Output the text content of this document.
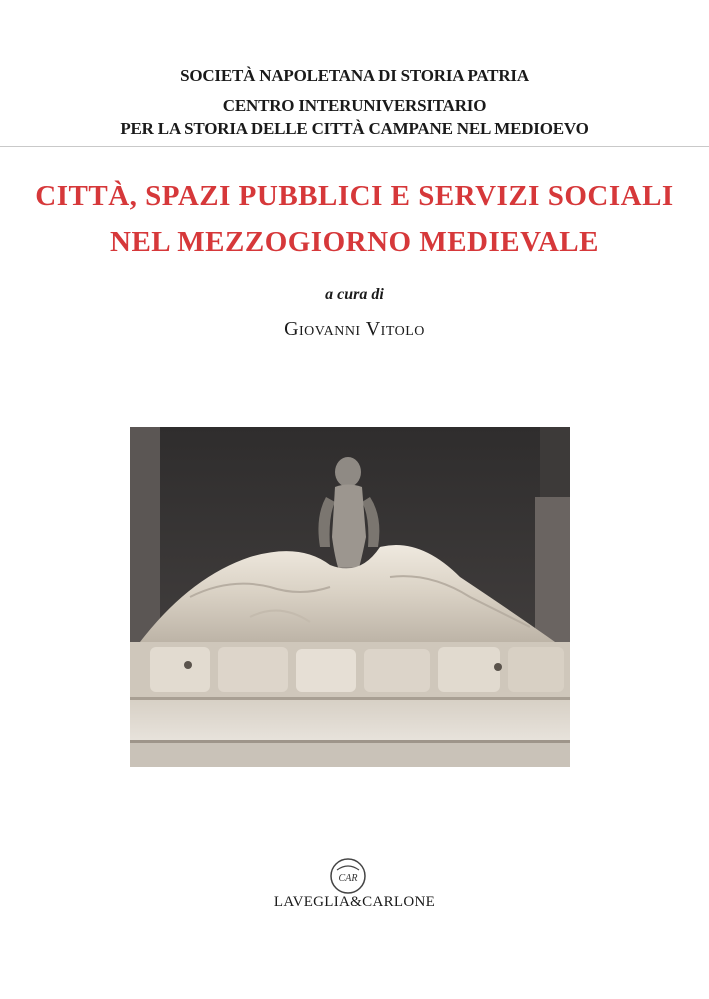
SOCIETÀ NAPOLETANA DI STORIA PATRIA
CENTRO INTERUNIVERSITARIO
PER LA STORIA DELLE CITTÀ CAMPANE NEL MEDIOEVO
CITTÀ, SPAZI PUBBLICI E SERVIZI SOCIALI
NEL MEZZOGIORNO MEDIEVALE
a cura di
Giovanni Vitolo
CAR
LAVEGLIA&CARLONE
